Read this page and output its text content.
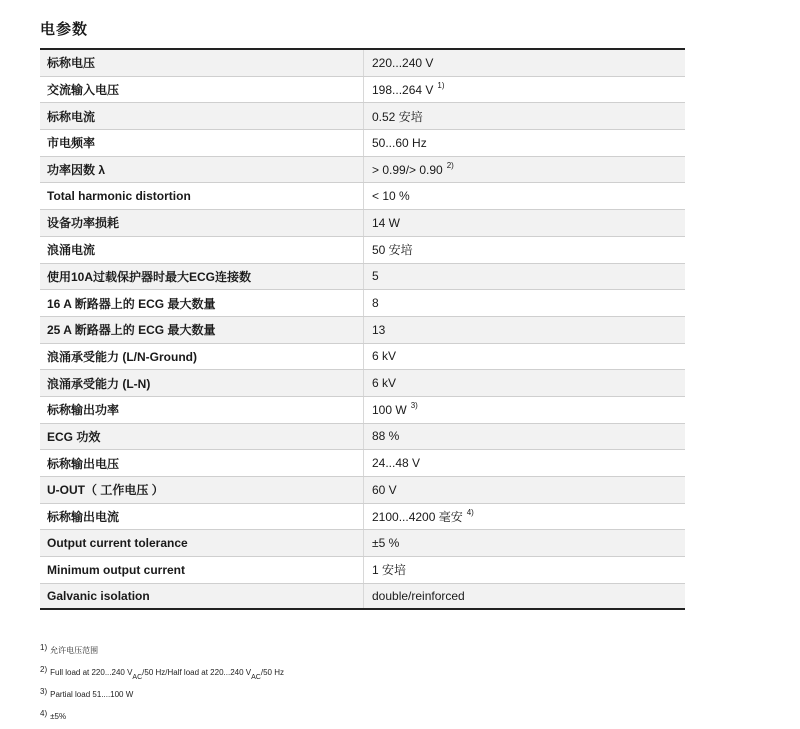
电参数
标称电压	220...240 V
交流输入电压	198...264 V 1)
标称电流	0.52 安培
市电频率	50...60 Hz
功率因数 λ	> 0.99/> 0.90 2)
Total harmonic distortion	< 10 %
设备功率损耗	14 W
浪涌电流	50 安培
使用10A过载保护器时最大ECG连接数	5
16 A 断路器上的 ECG 最大数量	8
25 A 断路器上的 ECG 最大数量	13
浪涌承受能力 (L/N-Ground)	6 kV
浪涌承受能力 (L-N)	6 kV
标称输出功率	100 W 3)
ECG 功效	88 %
标称输出电压	24...48 V
U-OUT（ 工作电压 ）	60 V
标称输出电流	2100...4200 毫安 4)
Output current tolerance	±5 %
Minimum output current	1 安培
Galvanic isolation	double/reinforced
1) 允许电压范围
2) Full load at 220...240 V
AC
/50 Hz/Half load at 220...240 V
AC
/50 Hz
3) Partial load 51....100 W
4) ±5%
